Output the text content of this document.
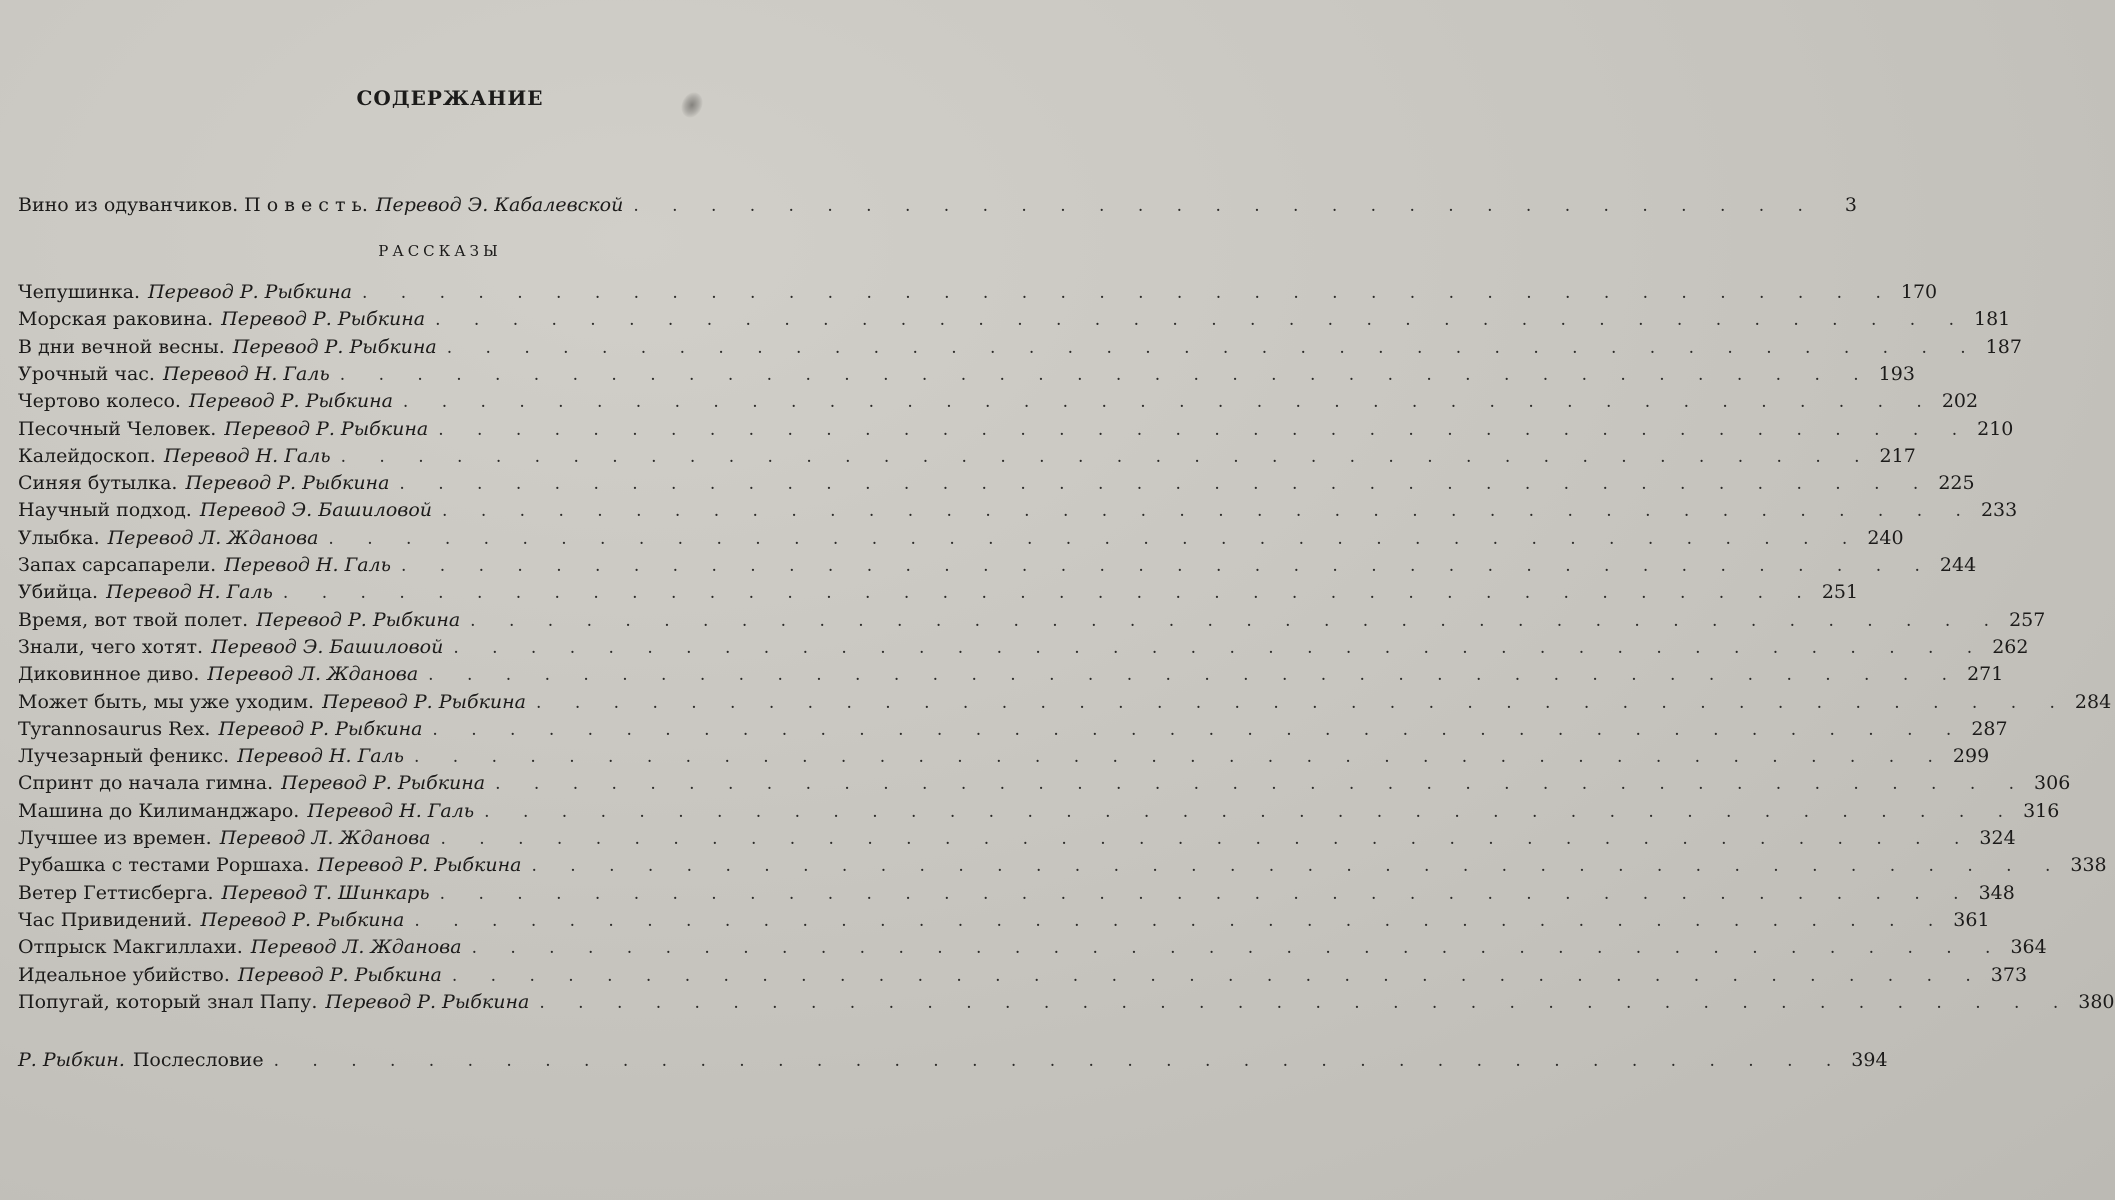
СОДЕРЖАНИЕ
Вино из одуванчиков. П о в е с т ь. Перевод Э. Кабалевской . . . . . . . . . . . . . . . . . . . . . . . . . . . . . . .	3
РАССКАЗЫ
Чепушинка. Перевод Р. Рыбкина . . . . . . . . . . . . . . . . . . . . . . . . . . . . . . . . . . . . . . . . 170
Морская раковина. Перевод Р. Рыбкина . . . . . . . . . . . . . . . . . . . . . . . . . . . . . . . . . . . . . . . . 181
В дни вечной весны. Перевод Р. Рыбкина . . . . . . . . . . . . . . . . . . . . . . . . . . . . . . . . . . . . . . . . 187
Урочный час. Перевод Н. Галь . . . . . . . . . . . . . . . . . . . . . . . . . . . . . . . . . . . . . . . . 193
Чертово колесо. Перевод Р. Рыбкина . . . . . . . . . . . . . . . . . . . . . . . . . . . . . . . . . . . . . . . . 202
Песочный Человек. Перевод Р. Рыбкина . . . . . . . . . . . . . . . . . . . . . . . . . . . . . . . . . . . . . . . . 210
Калейдоскоп. Перевод Н. Галь . . . . . . . . . . . . . . . . . . . . . . . . . . . . . . . . . . . . . . . . 217
Синяя бутылка. Перевод Р. Рыбкина . . . . . . . . . . . . . . . . . . . . . . . . . . . . . . . . . . . . . . . . 225
Научный подход. Перевод Э. Башиловой . . . . . . . . . . . . . . . . . . . . . . . . . . . . . . . . . . . . . . . . 233
Улыбка. Перевод Л. Жданова . . . . . . . . . . . . . . . . . . . . . . . . . . . . . . . . . . . . . . . . 240
Запах сарсапарели. Перевод Н. Галь . . . . . . . . . . . . . . . . . . . . . . . . . . . . . . . . . . . . . . . . 244
Убийца. Перевод Н. Галь . . . . . . . . . . . . . . . . . . . . . . . . . . . . . . . . . . . . . . . . 251
Время, вот твой полет. Перевод Р. Рыбкина . . . . . . . . . . . . . . . . . . . . . . . . . . . . . . . . . . . . . . . . 257
Знали, чего хотят. Перевод Э. Башиловой . . . . . . . . . . . . . . . . . . . . . . . . . . . . . . . . . . . . . . . . 262
Диковинное диво. Перевод Л. Жданова . . . . . . . . . . . . . . . . . . . . . . . . . . . . . . . . . . . . . . . . 271
Может быть, мы уже уходим. Перевод Р. Рыбкина . . . . . . . . . . . . . . . . . . . . . . . . . . . . . . . . . . . . . . . . 284
Tyrannosaurus Rex. Перевод Р. Рыбкина . . . . . . . . . . . . . . . . . . . . . . . . . . . . . . . . . . . . . . . . 287
Лучезарный феникс. Перевод Н. Галь . . . . . . . . . . . . . . . . . . . . . . . . . . . . . . . . . . . . . . . . 299
Спринт до начала гимна. Перевод Р. Рыбкина . . . . . . . . . . . . . . . . . . . . . . . . . . . . . . . . . . . . . . . . 306
Машина до Килиманджаро. Перевод Н. Галь . . . . . . . . . . . . . . . . . . . . . . . . . . . . . . . . . . . . . . . . 316
Лучшее из времен. Перевод Л. Жданова . . . . . . . . . . . . . . . . . . . . . . . . . . . . . . . . . . . . . . . . 324
Рубашка с тестами Роршаха. Перевод Р. Рыбкина . . . . . . . . . . . . . . . . . . . . . . . . . . . . . . . . . . . . . . . . 338
Ветер Геттисберга. Перевод Т. Шинкарь . . . . . . . . . . . . . . . . . . . . . . . . . . . . . . . . . . . . . . . . 348
Час Привидений. Перевод Р. Рыбкина . . . . . . . . . . . . . . . . . . . . . . . . . . . . . . . . . . . . . . . . 361
Отпрыск Макгиллахи. Перевод Л. Жданова . . . . . . . . . . . . . . . . . . . . . . . . . . . . . . . . . . . . . . . . 364
Идеальное убийство. Перевод Р. Рыбкина . . . . . . . . . . . . . . . . . . . . . . . . . . . . . . . . . . . . . . . . 373
Попугай, который знал Папу. Перевод Р. Рыбкина . . . . . . . . . . . . . . . . . . . . . . . . . . . . . . . . . . . . . . . . 380
Р. Рыбкин. Послесловие . . . . . . . . . . . . . . . . . . . . . . . . . . . . . . . . . . . . . . . . . 394
